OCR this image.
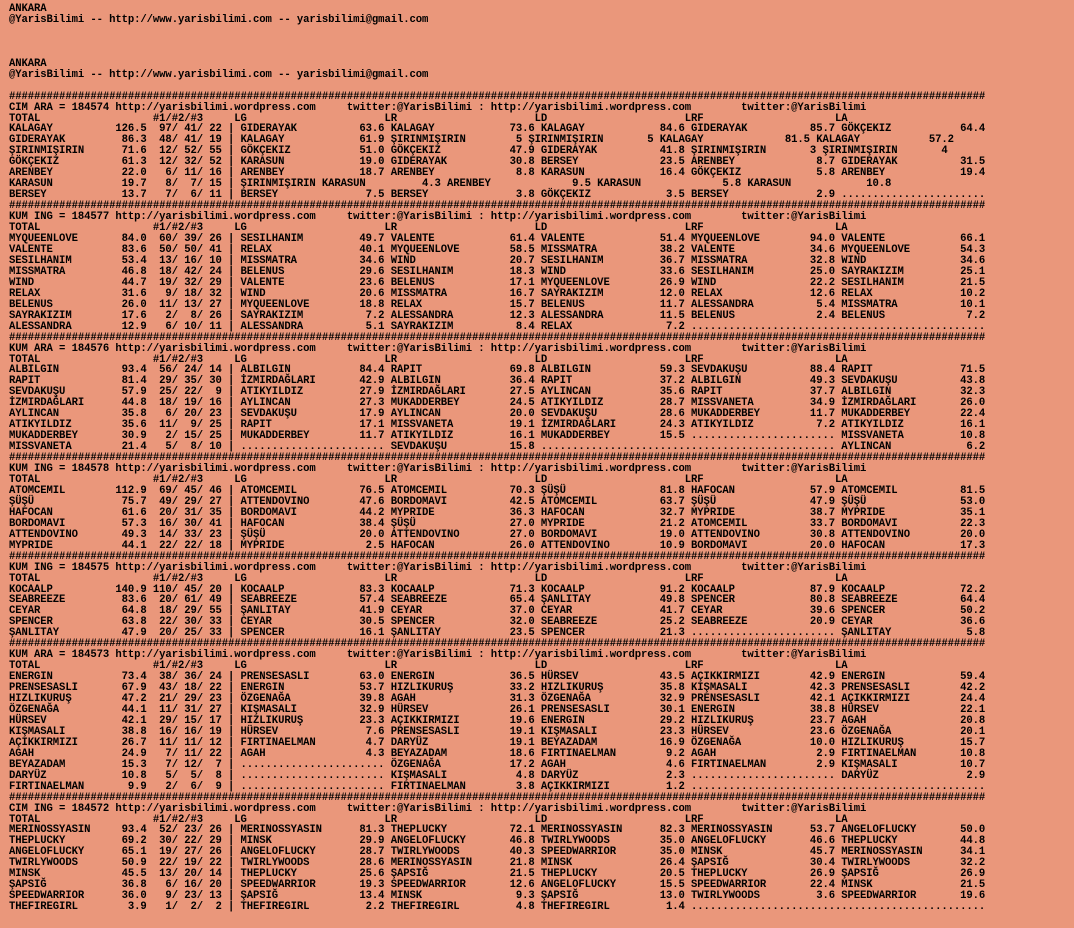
ANKARA
@YarisBilimi -- http://www.yarisbilimi.com -- yarisbilimi@gmail.com

ANKARA
@YarisBilimi -- http://www.yarisbilimi.com -- yarisbilimi@gmail.com

############################################################################################################################################################
CIM ARA = 184574 http://yarisbilimi.wordpress.com     twitter:@YarisBilimi : http://yarisbilimi.wordpress.com        twitter:@YarisBilimi
TOTAL                  #1/#2/#3     LG                      LR                      LD                      LRF                     LA
KALAGAY          126.5  97/ 41/ 22 | GIDERAYAK          63.6 KALAGAY            73.6 KALAGAY            84.6 GIDERAYAK          85.7 GÖKÇEKIZ           64.4
GIDERAYAK         86.3  48/ 41/ 19 | KALAGAY            61.9 ŞIRINMIŞIRIN        5 ŞIRINMIŞIRIN       5 KALAGAY             81.5 KALAGAY           57.2
ŞIRINMIŞIRIN      71.6  12/ 52/ 55 | GÖKÇEKIZ           51.0 GÖKÇEKIZ           47.9 GIDERAYAK          41.8 ŞIRINMIŞIRIN       3 ŞIRINMIŞIRIN       4
GÖKÇEKIZ          61.3  12/ 32/ 52 | KARASUN            19.0 GIDERAYAK          30.8 BERSEY             23.5 ARENBEY             8.7 GIDERAYAK          31.5
ARENBEY           22.0   6/ 11/ 16 | ARENBEY            18.7 ARENBEY             8.8 KARASUN            16.4 GÖKÇEKIZ            5.8 ARENBEY            19.4
KARASUN           19.7   8/  7/ 15 | ŞIRINMIŞIRIN KARASUN         4.3 ARENBEY             9.5 KARASUN             5.8 KARASUN            10.8
BERSEY            13.7   7/  6/ 11 | BERSEY              7.5 BERSEY              3.8 GÖKÇEKIZ            3.5 BERSEY              2.9 .......................
############################################################################################################################################################
KUM ING = 184577 http://yarisbilimi.wordpress.com     twitter:@YarisBilimi : http://yarisbilimi.wordpress.com        twitter:@YarisBilimi
TOTAL                  #1/#2/#3     LG                      LR                      LD                      LRF                     LA
MYQUEENLOVE       84.0  60/ 39/ 26 | SESILHANIM         49.7 VALENTE            61.4 VALENTE            51.4 MYQUEENLOVE        94.0 VALENTE            66.1
VALENTE           83.6  50/ 50/ 41 | RELAX              40.1 MYQUEENLOVE        58.5 MISSMATRA          38.2 VALENTE            34.6 MYQUEENLOVE        54.3
SESILHANIM        53.4  13/ 16/ 10 | MISSMATRA          34.6 WIND               20.7 SESILHANIM         36.7 MISSMATRA          32.8 WIND               34.6
MISSMATRA         46.8  18/ 42/ 24 | BELENUS            29.6 SESILHANIM         18.3 WIND               33.6 SESILHANIM         25.0 SAYRAKIZIM         25.1
WIND              44.7  19/ 32/ 29 | VALENTE            23.6 BELENUS            17.1 MYQUEENLOVE        26.9 WIND               22.2 SESILHANIM         21.5
RELAX             31.6   9/ 18/ 32 | WIND               20.6 MISSMATRA          16.7 SAYRAKIZIM         12.0 RELAX              12.6 RELAX              10.2
BELENUS           26.0  11/ 13/ 27 | MYQUEENLOVE        18.8 RELAX              15.7 BELENUS            11.7 ALESSANDRA          5.4 MISSMATRA          10.1
SAYRAKIZIM        17.6   2/  8/ 26 | SAYRAKIZIM          7.2 ALESSANDRA         12.3 ALESSANDRA         11.5 BELENUS             2.4 BELENUS             7.2
ALESSANDRA        12.9   6/ 10/ 11 | ALESSANDRA          5.1 SAYRAKIZIM          8.4 RELAX               7.2 ...............................................
############################################################################################################################################################
KUM ARA = 184576 http://yarisbilimi.wordpress.com     twitter:@YarisBilimi : http://yarisbilimi.wordpress.com        twitter:@YarisBilimi
TOTAL                  #1/#2/#3     LG                      LR                      LD                      LRF                     LA
ALBILGIN          93.4  56/ 24/ 14 | ALBILGIN           84.4 RAPIT              69.8 ALBILGIN           59.3 SEVDAKUŞU          88.4 RAPIT              71.5
RAPIT             81.4  29/ 35/ 30 | İZMIRDAĞLARI       42.9 ALBILGIN           36.4 RAPIT              37.2 ALBILGIN           49.3 SEVDAKUŞU          43.8
SEVDAKUŞU         57.9  25/ 22/  9 | ATIKYILDIZ         27.9 İZMIRDAĞLARI       27.5 AYLINCAN           35.6 RAPIT              37.7 ALBILGIN           32.3
İZMIRDAĞLARI      44.8  18/ 19/ 16 | AYLINCAN           27.3 MUKADDERBEY        24.5 ATIKYILDIZ         28.7 MISSVANETA         34.9 İZMIRDAĞLARI       26.0
AYLINCAN          35.8   6/ 20/ 23 | SEVDAKUŞU          17.9 AYLINCAN           20.0 SEVDAKUŞU          28.6 MUKADDERBEY        11.7 MUKADDERBEY        22.4
ATIKYILDIZ        35.6  11/  9/ 25 | RAPIT              17.1 MISSVANETA         19.1 İZMIRDAĞLARI       24.3 ATIKYILDIZ          7.2 ATIKYILDIZ         16.1
MUKADDERBEY       30.9   2/ 15/ 25 | MUKADDERBEY        11.7 ATIKYILDIZ         16.1 MUKADDERBEY        15.5 ....................... MISSVANETA         10.8
MISSVANETA        21.4   5/  8/ 10 | ....................... SEVDAKUŞU          15.8 ............................................... AYLINCAN            6.2
############################################################################################################################################################
KUM ING = 184578 http://yarisbilimi.wordpress.com     twitter:@YarisBilimi : http://yarisbilimi.wordpress.com        twitter:@YarisBilimi
TOTAL                  #1/#2/#3     LG                      LR                      LD                      LRF                     LA
ATOMCEMIL        112.9  69/ 45/ 46 | ATOMCEMIL          76.5 ATOMCEMIL          70.3 ŞÜŞÜ               81.8 HAFOCAN            57.9 ATOMCEMIL          81.5
ŞÜŞÜ              75.7  49/ 29/ 27 | ATTENDOVINO        47.6 BORDOMAVI          42.5 ATOMCEMIL          63.7 ŞÜŞÜ               47.9 ŞÜŞÜ               53.0
HAFOCAN           61.6  20/ 31/ 35 | BORDOMAVI          44.2 MYPRIDE            36.3 HAFOCAN            32.7 MYPRIDE            38.7 MYPRIDE            35.1
BORDOMAVI         57.3  16/ 30/ 41 | HAFOCAN            38.4 ŞÜŞÜ               27.0 MYPRIDE            21.2 ATOMCEMIL          33.7 BORDOMAVI          22.3
ATTENDOVINO       49.3  14/ 33/ 23 | ŞÜŞÜ               20.0 ATTENDOVINO        27.0 BORDOMAVI          19.0 ATTENDOVINO        30.8 ATTENDOVINO        20.0
MYPRIDE           44.1  22/ 22/ 18 | MYPRIDE             2.5 HAFOCAN            26.0 ATTENDOVINO        10.9 BORDOMAVI          20.0 HAFOCAN            17.3
############################################################################################################################################################
KUM ING = 184575 http://yarisbilimi.wordpress.com     twitter:@YarisBilimi : http://yarisbilimi.wordpress.com        twitter:@YarisBilimi
TOTAL                  #1/#2/#3     LG                      LR                      LD                      LRF                     LA
KOCAALP          140.9 110/ 45/ 20 | KOCAALP            83.3 KOCAALP            71.3 KOCAALP            91.2 KOCAALP            87.9 KOCAALP            72.2
SEABREEZE         83.6  20/ 61/ 49 | SEABREEZE          57.4 SEABREEZE          65.4 ŞANLITAY           49.8 SPENCER            80.8 SEABREEZE          64.4
CEYAR             64.8  18/ 29/ 55 | ŞANLITAY           41.9 CEYAR              37.0 CEYAR              41.7 CEYAR              39.6 SPENCER            50.2
SPENCER           63.8  22/ 30/ 33 | CEYAR              30.5 SPENCER            32.0 SEABREEZE          25.2 SEABREEZE          20.9 CEYAR              36.6
ŞANLITAY          47.9  20/ 25/ 33 | SPENCER            16.1 ŞANLITAY           23.5 SPENCER            21.3 ....................... ŞANLITAY            5.8
############################################################################################################################################################
KUM ARA = 184573 http://yarisbilimi.wordpress.com     twitter:@YarisBilimi : http://yarisbilimi.wordpress.com        twitter:@YarisBilimi
TOTAL                  #1/#2/#3     LG                      LR                      LD                      LRF                     LA
ENERGIN           73.4  38/ 36/ 24 | PRENSESASLI        63.0 ENERGIN            36.5 HÜRSEV             43.5 AÇIKKIRMIZI        42.9 ENERGIN            59.4
PRENSESASLI       67.9  43/ 18/ 22 | ENERGIN            53.7 HIZLIKURUŞ         33.2 HIZLIKURUŞ         35.8 KIŞMASALI          42.3 PRENSESASLI        42.2
HIZLIKURUŞ        47.2  21/ 29/ 23 | ÖZGENAĞA           39.8 AGAH               31.3 ÖZGENAĞA           32.9 PRENSESASLI        42.1 AÇIKKIRMIZI        24.4
ÖZGENAĞA          44.1  11/ 31/ 27 | KIŞMASALI          32.9 HÜRSEV             26.1 PRENSESASLI        30.1 ENERGIN            38.8 HÜRSEV             22.1
HÜRSEV            42.1  29/ 15/ 17 | HIZLIKURUŞ         23.3 AÇIKKIRMIZI        19.6 ENERGIN            29.2 HIZLIKURUŞ         23.7 AGAH               20.8
KIŞMASALI         38.8  16/ 16/ 19 | HÜRSEV              7.6 PRENSESASLI        19.1 KIŞMASALI          23.3 HÜRSEV             23.6 ÖZGENAĞA           20.1
AÇIKKIRMIZI       26.7  11/ 11/ 12 | FIRTINAELMAN        4.7 DARYÜZ             19.1 BEYAZADAM          16.9 ÖZGENAĞA           10.0 HIZLIKURUŞ         15.7
AGAH              24.9   7/ 11/ 22 | AGAH                4.3 BEYAZADAM          18.6 FIRTINAELMAN        9.2 AGAH                2.9 FIRTINAELMAN       10.8
BEYAZADAM         15.3   7/ 12/  7 | ....................... ÖZGENAĞA           17.2 AGAH                4.6 FIRTINAELMAN        2.9 KIŞMASALI          10.7
DARYÜZ            10.8   5/  5/  8 | ....................... KIŞMASALI           4.8 DARYÜZ              2.3 ....................... DARYÜZ              2.9
FIRTINAELMAN       9.9   2/  6/  9 | ....................... FIRTINAELMAN        3.8 AÇIKKIRMIZI         1.2 ...............................................
############################################################################################################################################################
CIM ING = 184572 http://yarisbilimi.wordpress.com     twitter:@YarisBilimi : http://yarisbilimi.wordpress.com        twitter:@YarisBilimi
TOTAL                  #1/#2/#3     LG                      LR                      LD                      LRF                     LA
MERINOSSYASIN     93.4  52/ 23/ 26 | MERINOSSYASIN      81.3 THEPLUCKY          72.1 MERINOSSYASIN      82.3 MERINOSSYASIN      53.7 ANGELOFLUCKY       50.0
THEPLUCKY         69.2  30/ 22/ 29 | MINSK              29.9 ANGELOFLUCKY       46.8 TWIRLYWOODS        35.0 ANGELOFLUCKY       46.6 THEPLUCKY          44.8
ANGELOFLUCKY      65.1  19/ 27/ 26 | ANGELOFLUCKY       28.7 TWIRLYWOODS        40.3 SPEEDWARRIOR       35.0 MINSK              45.7 MERINOSSYASIN      34.1
TWIRLYWOODS       50.9  22/ 19/ 22 | TWIRLYWOODS        28.6 MERINOSSYASIN      21.8 MINSK              26.4 ŞAPSIĞ             30.4 TWIRLYWOODS        32.2
MINSK             45.5  13/ 20/ 14 | THEPLUCKY          25.6 ŞAPSIĞ             21.5 THEPLUCKY          20.5 THEPLUCKY          26.9 ŞAPSIĞ             26.9
ŞAPSIĞ            36.8   6/ 16/ 20 | SPEEDWARRIOR       19.3 SPEEDWARRIOR       12.6 ANGELOFLUCKY       15.5 SPEEDWARRIOR       22.4 MINSK              21.5
SPEEDWARRIOR      36.0   9/ 23/ 13 | ŞAPSIĞ             13.4 MINSK               9.3 ŞAPSIĞ             13.0 TWIRLYWOODS         3.6 SPEEDWARRIOR       19.6
THEFIREGIRL        3.9   1/  2/  2 | THEFIREGIRL         2.2 THEFIREGIRL         4.8 THEFIREGIRL         1.4 ...............................................
